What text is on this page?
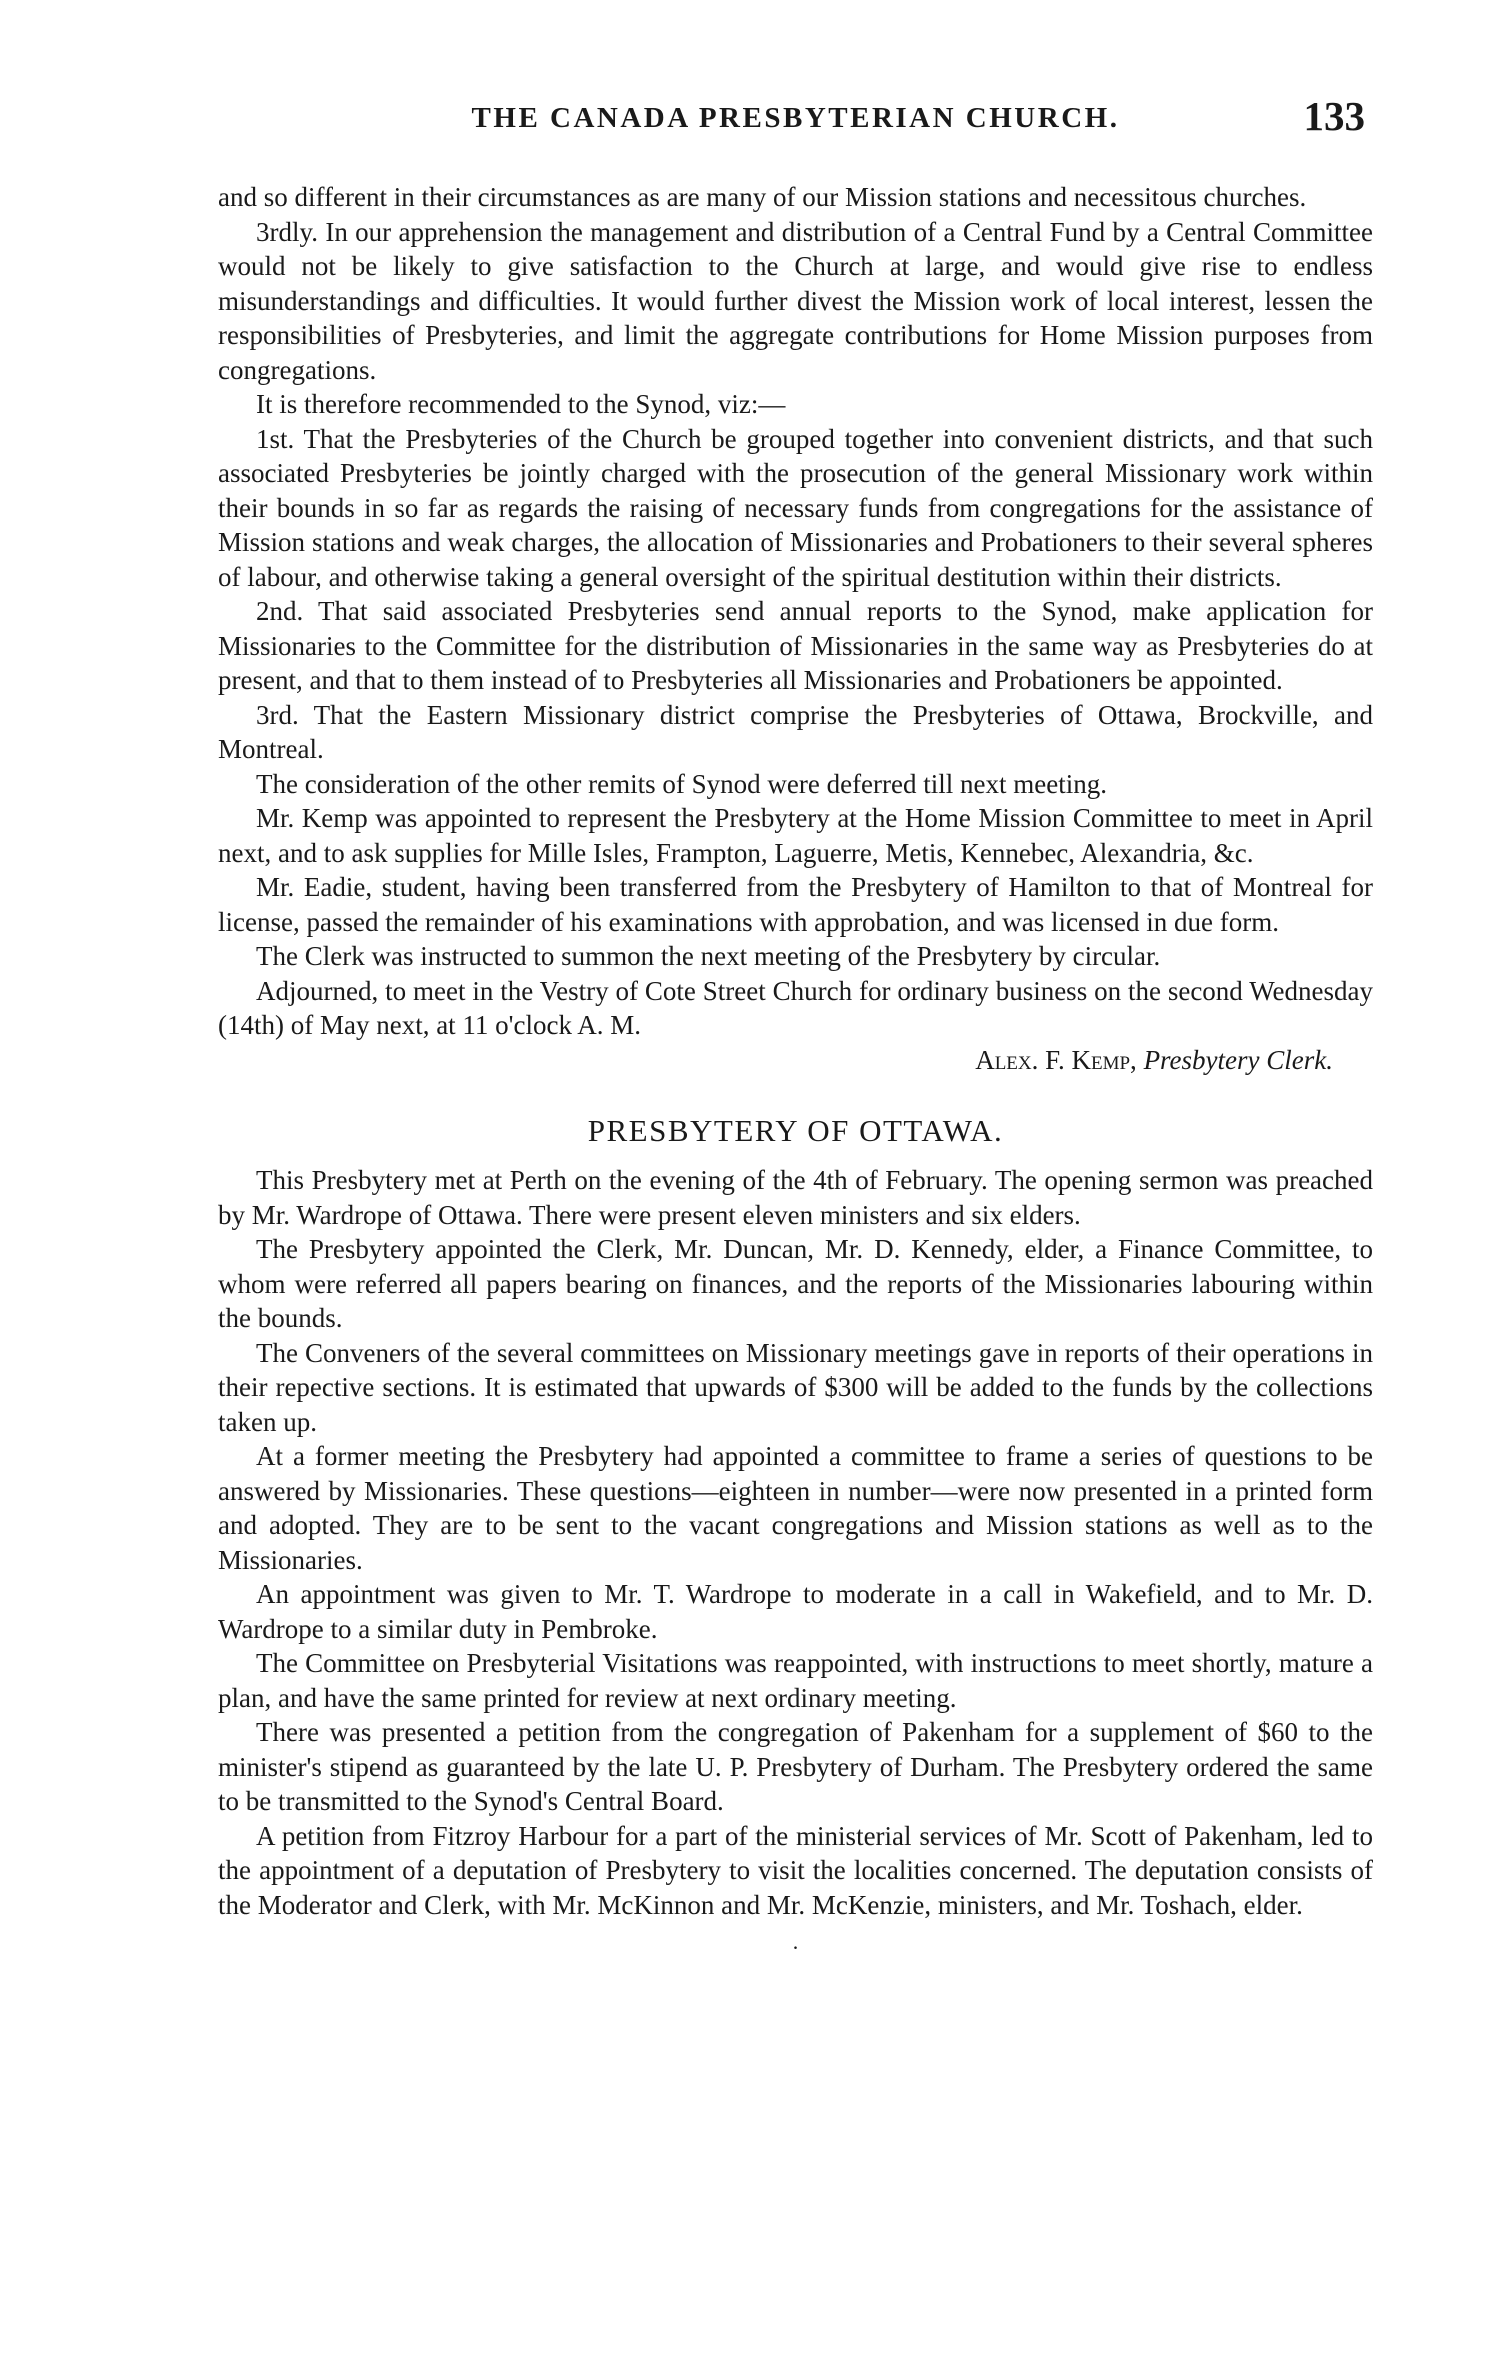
THE CANADA PRESBYTERIAN CHURCH.	133

and so different in their circumstances as are many of our Mission stations and necessitous churches.

3rdly. In our apprehension the management and distribution of a Central Fund by a Central Committee would not be likely to give satisfaction to the Church at large, and would give rise to endless misunderstandings and difficulties. It would further divest the Mission work of local interest, lessen the responsibilities of Presbyteries, and limit the aggregate contributions for Home Mission purposes from congregations.

It is therefore recommended to the Synod, viz:—

1st. That the Presbyteries of the Church be grouped together into convenient districts, and that such associated Presbyteries be jointly charged with the prosecution of the general Missionary work within their bounds in so far as regards the raising of necessary funds from congregations for the assistance of Mission stations and weak charges, the allocation of Missionaries and Probationers to their several spheres of labour, and otherwise taking a general oversight of the spiritual destitution within their districts.

2nd. That said associated Presbyteries send annual reports to the Synod, make application for Missionaries to the Committee for the distribution of Missionaries in the same way as Presbyteries do at present, and that to them instead of to Presbyteries all Missionaries and Probationers be appointed.

3rd. That the Eastern Missionary district comprise the Presbyteries of Ottawa, Brockville, and Montreal.

The consideration of the other remits of Synod were deferred till next meeting.

Mr. Kemp was appointed to represent the Presbytery at the Home Mission Committee to meet in April next, and to ask supplies for Mille Isles, Frampton, Laguerre, Metis, Kennebec, Alexandria, &c.

Mr. Eadie, student, having been transferred from the Presbytery of Hamilton to that of Montreal for license, passed the remainder of his examinations with approbation, and was licensed in due form.

The Clerk was instructed to summon the next meeting of the Presbytery by circular.

Adjourned, to meet in the Vestry of Cote Street Church for ordinary business on the second Wednesday (14th) of May next, at 11 o'clock A. M.

Alex. F. Kemp, Presbytery Clerk.
PRESBYTERY OF OTTAWA.

This Presbytery met at Perth on the evening of the 4th of February. The opening sermon was preached by Mr. Wardrope of Ottawa. There were present eleven ministers and six elders.

The Presbytery appointed the Clerk, Mr. Duncan, Mr. D. Kennedy, elder, a Finance Committee, to whom were referred all papers bearing on finances, and the reports of the Missionaries labouring within the bounds.

The Conveners of the several committees on Missionary meetings gave in reports of their operations in their repective sections. It is estimated that upwards of $300 will be added to the funds by the collections taken up.

At a former meeting the Presbytery had appointed a committee to frame a series of questions to be answered by Missionaries. These questions—eighteen in number—were now presented in a printed form and adopted. They are to be sent to the vacant congregations and Mission stations as well as to the Missionaries.

An appointment was given to Mr. T. Wardrope to moderate in a call in Wakefield, and to Mr. D. Wardrope to a similar duty in Pembroke.

The Committee on Presbyterial Visitations was reappointed, with instructions to meet shortly, mature a plan, and have the same printed for review at next ordinary meeting.

There was presented a petition from the congregation of Pakenham for a supplement of $60 to the minister's stipend as guaranteed by the late U. P. Presbytery of Durham. The Presbytery ordered the same to be transmitted to the Synod's Central Board.

A petition from Fitzroy Harbour for a part of the ministerial services of Mr. Scott of Pakenham, led to the appointment of a deputation of Presbytery to visit the localities concerned. The deputation consists of the Moderator and Clerk, with Mr. McKinnon and Mr. McKenzie, ministers, and Mr. Toshach, elder.

.
